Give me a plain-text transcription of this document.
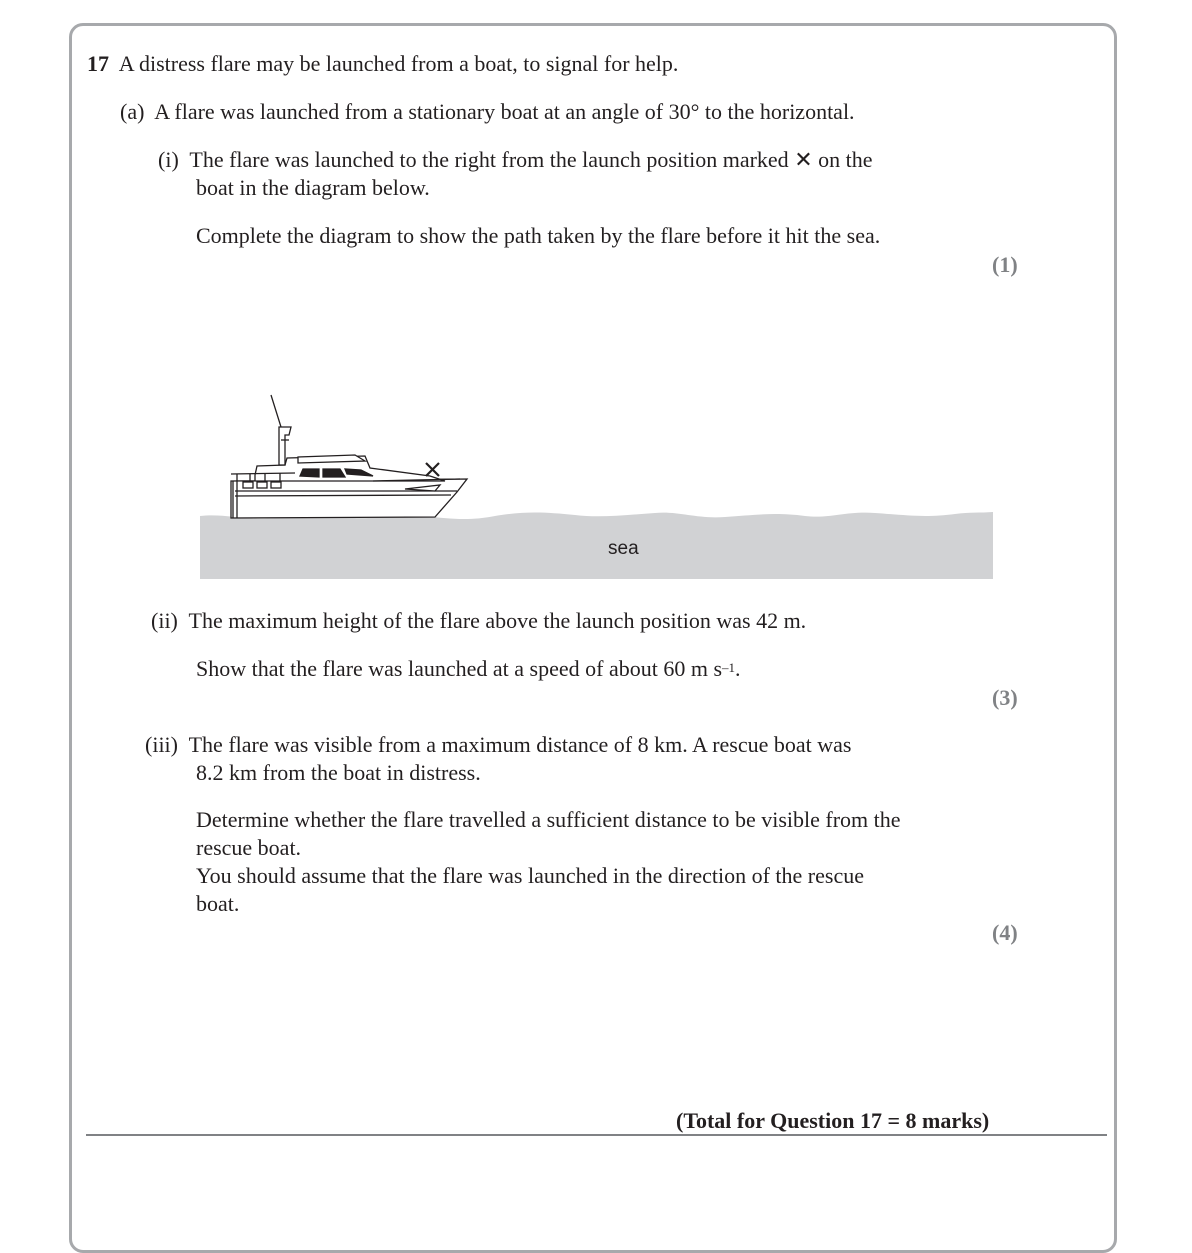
17 A distress flare may be launched from a boat, to signal for help.
(a) A flare was launched from a stationary boat at an angle of 30° to the horizontal.
(i) The flare was launched to the right from the launch position marked ✕ on the
boat in the diagram below.
Complete the diagram to show the path taken by the flare before it hit the sea.
(1)
sea
(ii) The maximum height of the flare above the launch position was 42 m.
Show that the flare was launched at a speed of about 60 m $s^{-1}$.
(3)
(iii) The flare was visible from a maximum distance of 8 km. A rescue boat was
8.2 km from the boat in distress.
Determine whether the flare travelled a sufficient distance to be visible from the
rescue boat.
You should assume that the flare was launched in the direction of the rescue
boat.
(4)
(Total for Question 17 = 8 marks)
